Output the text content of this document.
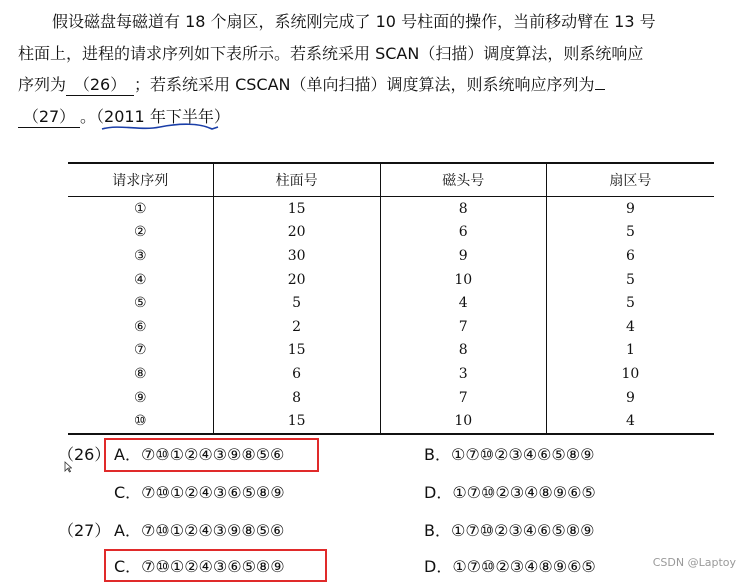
假设磁盘每磁道有 18 个扇区，系统刚完成了 10 号柱面的操作，当前移动臂在 13 号
柱面上，进程的请求序列如下表所示。若系统采用 SCAN（扫描）调度算法，则系统响应
序列为 （26） ；若系统采用 CSCAN（单向扫描）调度算法，则系统响应序列为
（27） 。（2011 年下半年
）
请求序列	柱面号	磁头号	扇区号
①	15	8	9
②	20	6	5
③	30	9	6
④	20	10	5
⑤	5	4	5
⑥	2	7	4
⑦	15	8	1
⑧	6	3	10
⑨	8	7	9
⑩	15	10	4
（26） A．⑦⑩①②④③⑨⑧⑤⑥	B．①⑦⑩②③④⑥⑤⑧⑨
C．⑦⑩①②④③⑥⑤⑧⑨	D．①⑦⑩②③④⑧⑨⑥⑤
（27） A．⑦⑩①②④③⑨⑧⑤⑥	B．①⑦⑩②③④⑥⑤⑧⑨
C．⑦⑩①②④③⑥⑤⑧⑨	D．①⑦⑩②③④⑧⑨⑥⑤	CSDN @Laptoy
